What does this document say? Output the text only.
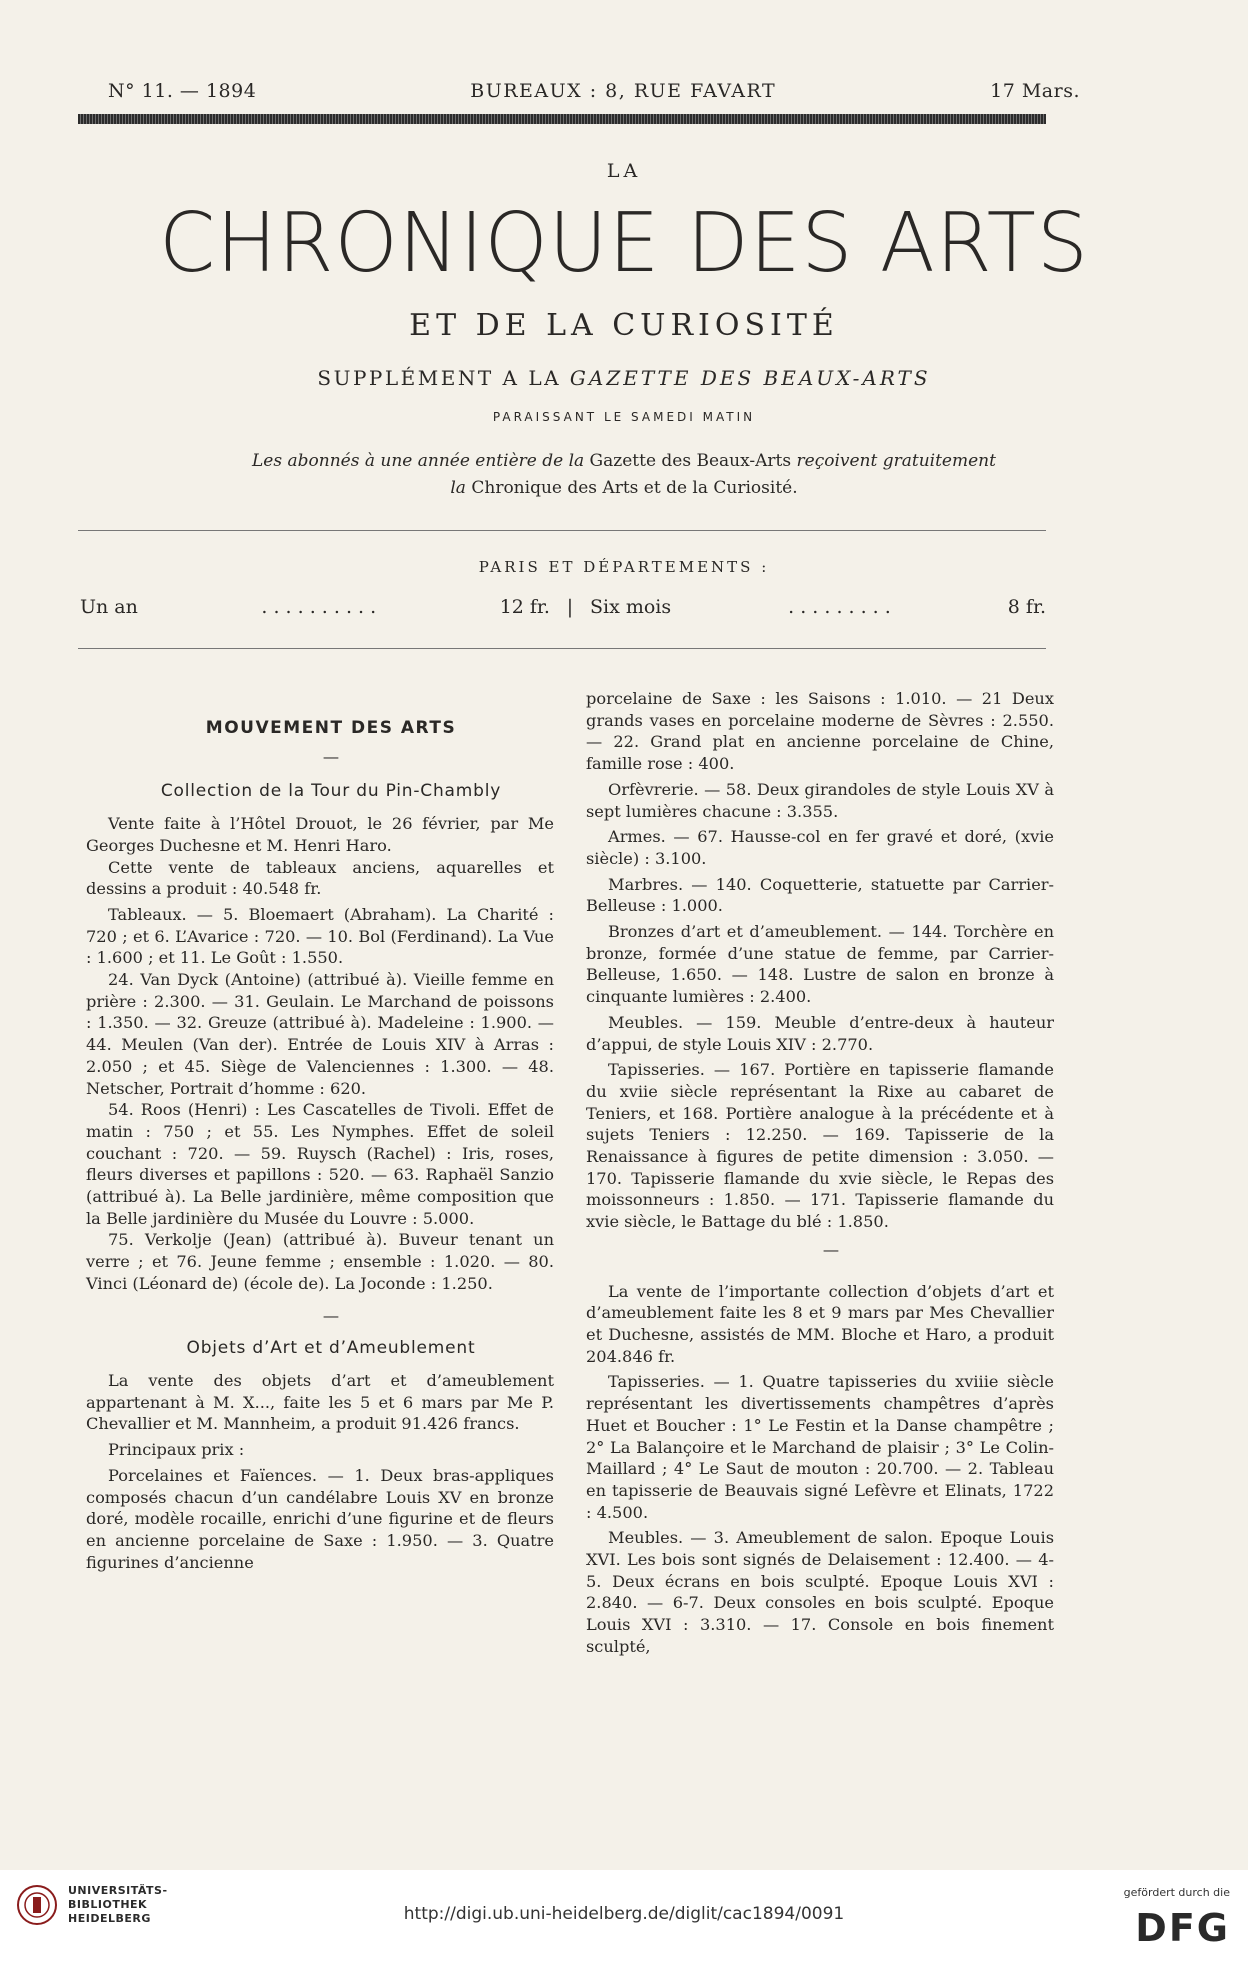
N° 11. — 1894	BUREAUX : 8, RUE FAVART	17 Mars.
LA
CHRONIQUE DES ARTS
ET DE LA CURIOSITÉ
SUPPLÉMENT A LA GAZETTE DES BEAUX-ARTS
PARAISSANT LE SAMEDI MATIN
Les abonnés à une année entière de la Gazette des Beaux-Arts reçoivent gratuitement
la Chronique des Arts et de la Curiosité.
PARIS ET DÉPARTEMENTS :
Un an	. . . . . . . . . .	12 fr. | Six mois	. . . . . . . . .	8 fr.

MOUVEMENT DES ARTS

—

Collection de la Tour du Pin-Chambly

Vente faite à l’Hôtel Drouot, le 26 février, par Me Georges Duchesne et M. Henri Haro.

Cette vente de tableaux anciens, aquarelles et dessins a produit : 40.548 fr.

Tableaux. — 5. Bloemaert (Abraham). La Charité : 720 ; et 6. L’Avarice : 720. — 10. Bol (Ferdinand). La Vue : 1.600 ; et 11. Le Goût : 1.550.

24. Van Dyck (Antoine) (attribué à). Vieille femme en prière : 2.300. — 31. Geulain. Le Marchand de poissons : 1.350. — 32. Greuze (attribué à). Madeleine : 1.900. — 44. Meulen (Van der). Entrée de Louis XIV à Arras : 2.050 ; et 45. Siège de Valenciennes : 1.300. — 48. Netscher, Portrait d’homme : 620.

54. Roos (Henri) : Les Cascatelles de Tivoli. Effet de matin : 750 ; et 55. Les Nymphes. Effet de soleil couchant : 720. — 59. Ruysch (Rachel) : Iris, roses, fleurs diverses et papillons : 520. — 63. Raphaël Sanzio (attribué à). La Belle jardinière, même composition que la Belle jardinière du Musée du Louvre : 5.000.

75. Verkolje (Jean) (attribué à). Buveur tenant un verre ; et 76. Jeune femme ; ensemble : 1.020. — 80. Vinci (Léonard de) (école de). La Joconde : 1.250.

—

Objets d’Art et d’Ameublement

La vente des objets d’art et d’ameublement appartenant à M. X..., faite les 5 et 6 mars par Me P. Chevallier et M. Mannheim, a produit 91.426 francs.

Principaux prix :

Porcelaines et Faïences. — 1. Deux bras-appliques composés chacun d’un candélabre Louis XV en bronze doré, modèle rocaille, enrichi d’une figurine et de fleurs en ancienne porcelaine de Saxe : 1.950. — 3. Quatre figurines d’ancienne

porcelaine de Saxe : les Saisons : 1.010. — 21 Deux grands vases en porcelaine moderne de Sèvres : 2.550. — 22. Grand plat en ancienne porcelaine de Chine, famille rose : 400.

Orfèvrerie. — 58. Deux girandoles de style Louis XV à sept lumières chacune : 3.355.

Armes. — 67. Hausse-col en fer gravé et doré, (xvie siècle) : 3.100.

Marbres. — 140. Coquetterie, statuette par Carrier-Belleuse : 1.000.

Bronzes d’art et d’ameublement. — 144. Torchère en bronze, formée d’une statue de femme, par Carrier-Belleuse, 1.650. — 148. Lustre de salon en bronze à cinquante lumières : 2.400.

Meubles. — 159. Meuble d’entre-deux à hauteur d’appui, de style Louis XIV : 2.770.

Tapisseries. — 167. Portière en tapisserie flamande du xviie siècle représentant la Rixe au cabaret de Teniers, et 168. Portière analogue à la précédente et à sujets Teniers : 12.250. — 169. Tapisserie de la Renaissance à figures de petite dimension : 3.050. — 170. Tapisserie flamande du xvie siècle, le Repas des moissonneurs : 1.850. — 171. Tapisserie flamande du xvie siècle, le Battage du blé : 1.850.

—

La vente de l’importante collection d’objets d’art et d’ameublement faite les 8 et 9 mars par Mes Chevallier et Duchesne, assistés de MM. Bloche et Haro, a produit 204.846 fr.

Tapisseries. — 1. Quatre tapisseries du xviiie siècle représentant les divertissements champêtres d’après Huet et Boucher : 1° Le Festin et la Danse champêtre ; 2° La Balançoire et le Marchand de plaisir ; 3° Le Colin-Maillard ; 4° Le Saut de mouton : 20.700. — 2. Tableau en tapisserie de Beauvais signé Lefèvre et Elinats, 1722 : 4.500.

Meubles. — 3. Ameublement de salon. Epoque Louis XVI. Les bois sont signés de Delaisement : 12.400. — 4-5. Deux écrans en bois sculpté. Epoque Louis XVI : 2.840. — 6-7. Deux consoles en bois sculpté. Epoque Louis XVI : 3.310. — 17. Console en bois finement sculpté,

UNIVERSITÄTS-
BIBLIOTHEK
HEIDELBERG	http://digi.ub.uni-heidelberg.de/diglit/cac1894/0091
gefördert durch die
DFG
